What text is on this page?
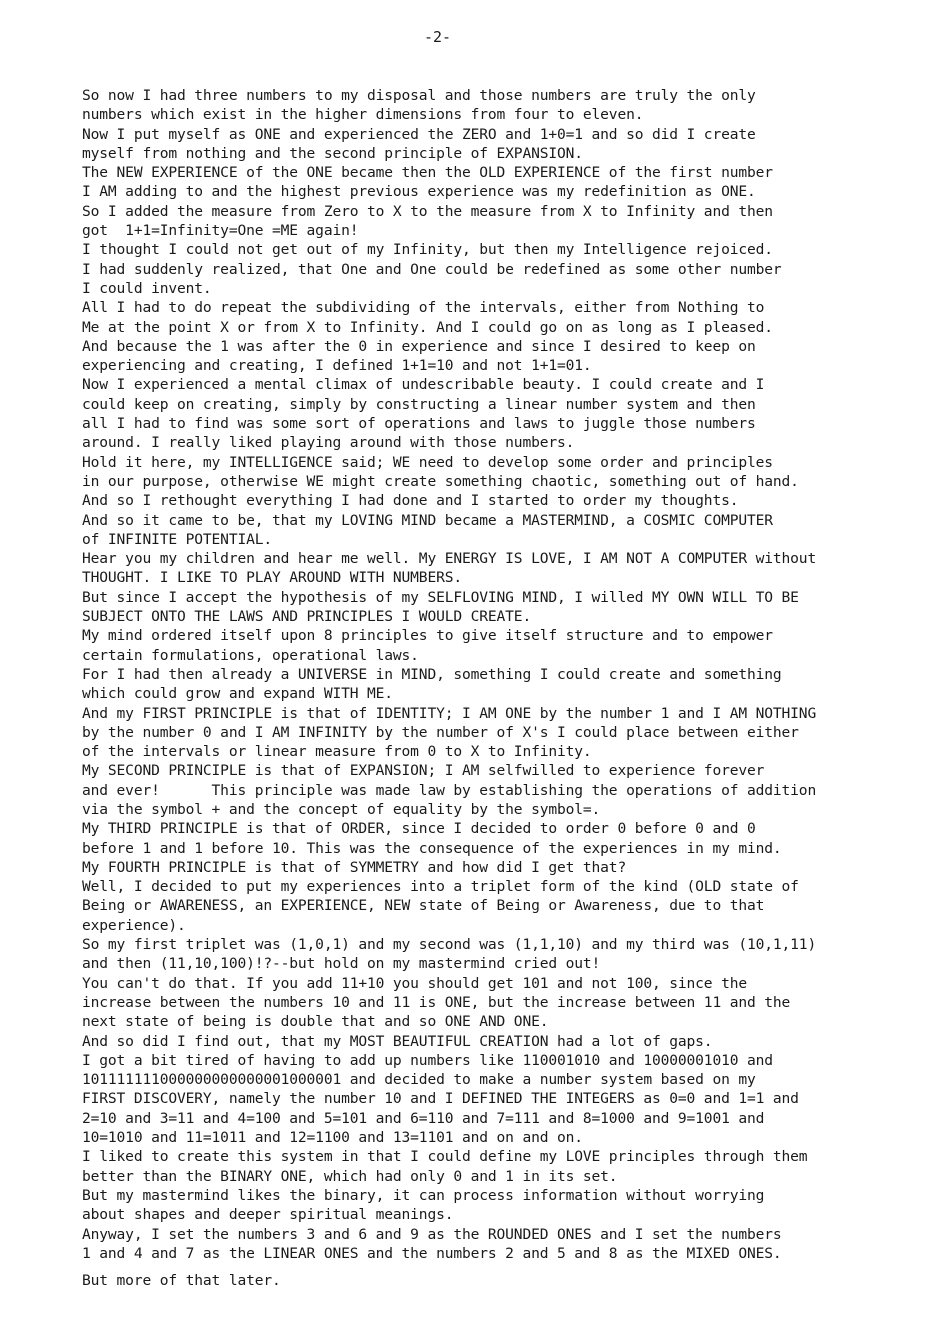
-2-
So now I had three numbers to my disposal and those numbers are truly the only
numbers which exist in the higher dimensions from four to eleven.
Now I put myself as ONE and experienced the ZERO and 1+0=1 and so did I create
myself from nothing and the second principle of EXPANSION.
The NEW EXPERIENCE of the ONE became then the OLD EXPERIENCE of the first number
I AM adding to and the highest previous experience was my redefinition as ONE.
So I added the measure from Zero to X to the measure from X to Infinity and then
got  1+1=Infinity=One =ME again!
I thought I could not get out of my Infinity, but then my Intelligence rejoiced.
I had suddenly realized, that One and One could be redefined as some other number
I could invent.
All I had to do repeat the subdividing of the intervals, either from Nothing to
Me at the point X or from X to Infinity. And I could go on as long as I pleased.
And because the 1 was after the 0 in experience and since I desired to keep on
experiencing and creating, I defined 1+1=10 and not 1+1=01.
Now I experienced a mental climax of undescribable beauty. I could create and I
could keep on creating, simply by constructing a linear number system and then
all I had to find was some sort of operations and laws to juggle those numbers
around. I really liked playing around with those numbers.
Hold it here, my INTELLIGENCE said; WE need to develop some order and principles
in our purpose, otherwise WE might create something chaotic, something out of hand.
And so I rethought everything I had done and I started to order my thoughts.
And so it came to be, that my LOVING MIND became a MASTERMIND, a COSMIC COMPUTER
of INFINITE POTENTIAL.
Hear you my children and hear me well. My ENERGY IS LOVE, I AM NOT A COMPUTER without
THOUGHT. I LIKE TO PLAY AROUND WITH NUMBERS.
But since I accept the hypothesis of my SELFLOVING MIND, I willed MY OWN WILL TO BE
SUBJECT ONTO THE LAWS AND PRINCIPLES I WOULD CREATE.
My mind ordered itself upon 8 principles to give itself structure and to empower
certain formulations, operational laws.
For I had then already a UNIVERSE in MIND, something I could create and something
which could grow and expand WITH ME.
And my FIRST PRINCIPLE is that of IDENTITY; I AM ONE by the number 1 and I AM NOTHING
by the number 0 and I AM INFINITY by the number of X's I could place between either
of the intervals or linear measure from 0 to X to Infinity.
My SECOND PRINCIPLE is that of EXPANSION; I AM selfwilled to experience forever
and ever!      This principle was made law by establishing the operations of addition
via the symbol + and the concept of equality by the symbol=.
My THIRD PRINCIPLE is that of ORDER, since I decided to order 0 before 0 and 0
before 1 and 1 before 10. This was the consequence of the experiences in my mind.
My FOURTH PRINCIPLE is that of SYMMETRY and how did I get that?
Well, I decided to put my experiences into a triplet form of the kind (OLD state of
Being or AWARENESS, an EXPERIENCE, NEW state of Being or Awareness, due to that
experience).
So my first triplet was (1,0,1) and my second was (1,1,10) and my third was (10,1,11)
and then (11,10,100)!?--but hold on my mastermind cried out!
You can't do that. If you add 11+10 you should get 101 and not 100, since the
increase between the numbers 10 and 11 is ONE, but the increase between 11 and the
next state of being is double that and so ONE AND ONE.
And so did I find out, that my MOST BEAUTIFUL CREATION had a lot of gaps.
I got a bit tired of having to add up numbers like 110001010 and 10000001010 and
101111111000000000000001000001 and decided to make a number system based on my
FIRST DISCOVERY, namely the number 10 and I DEFINED THE INTEGERS as 0=0 and 1=1 and
2=10 and 3=11 and 4=100 and 5=101 and 6=110 and 7=111 and 8=1000 and 9=1001 and
10=1010 and 11=1011 and 12=1100 and 13=1101 and on and on.
I liked to create this system in that I could define my LOVE principles through them
better than the BINARY ONE, which had only 0 and 1 in its set.
But my mastermind likes the binary, it can process information without worrying
about shapes and deeper spiritual meanings.
Anyway, I set the numbers 3 and 6 and 9 as the ROUNDED ONES and I set the numbers
1 and 4 and 7 as the LINEAR ONES and the numbers 2 and 5 and 8 as the MIXED ONES.
But more of that later.
